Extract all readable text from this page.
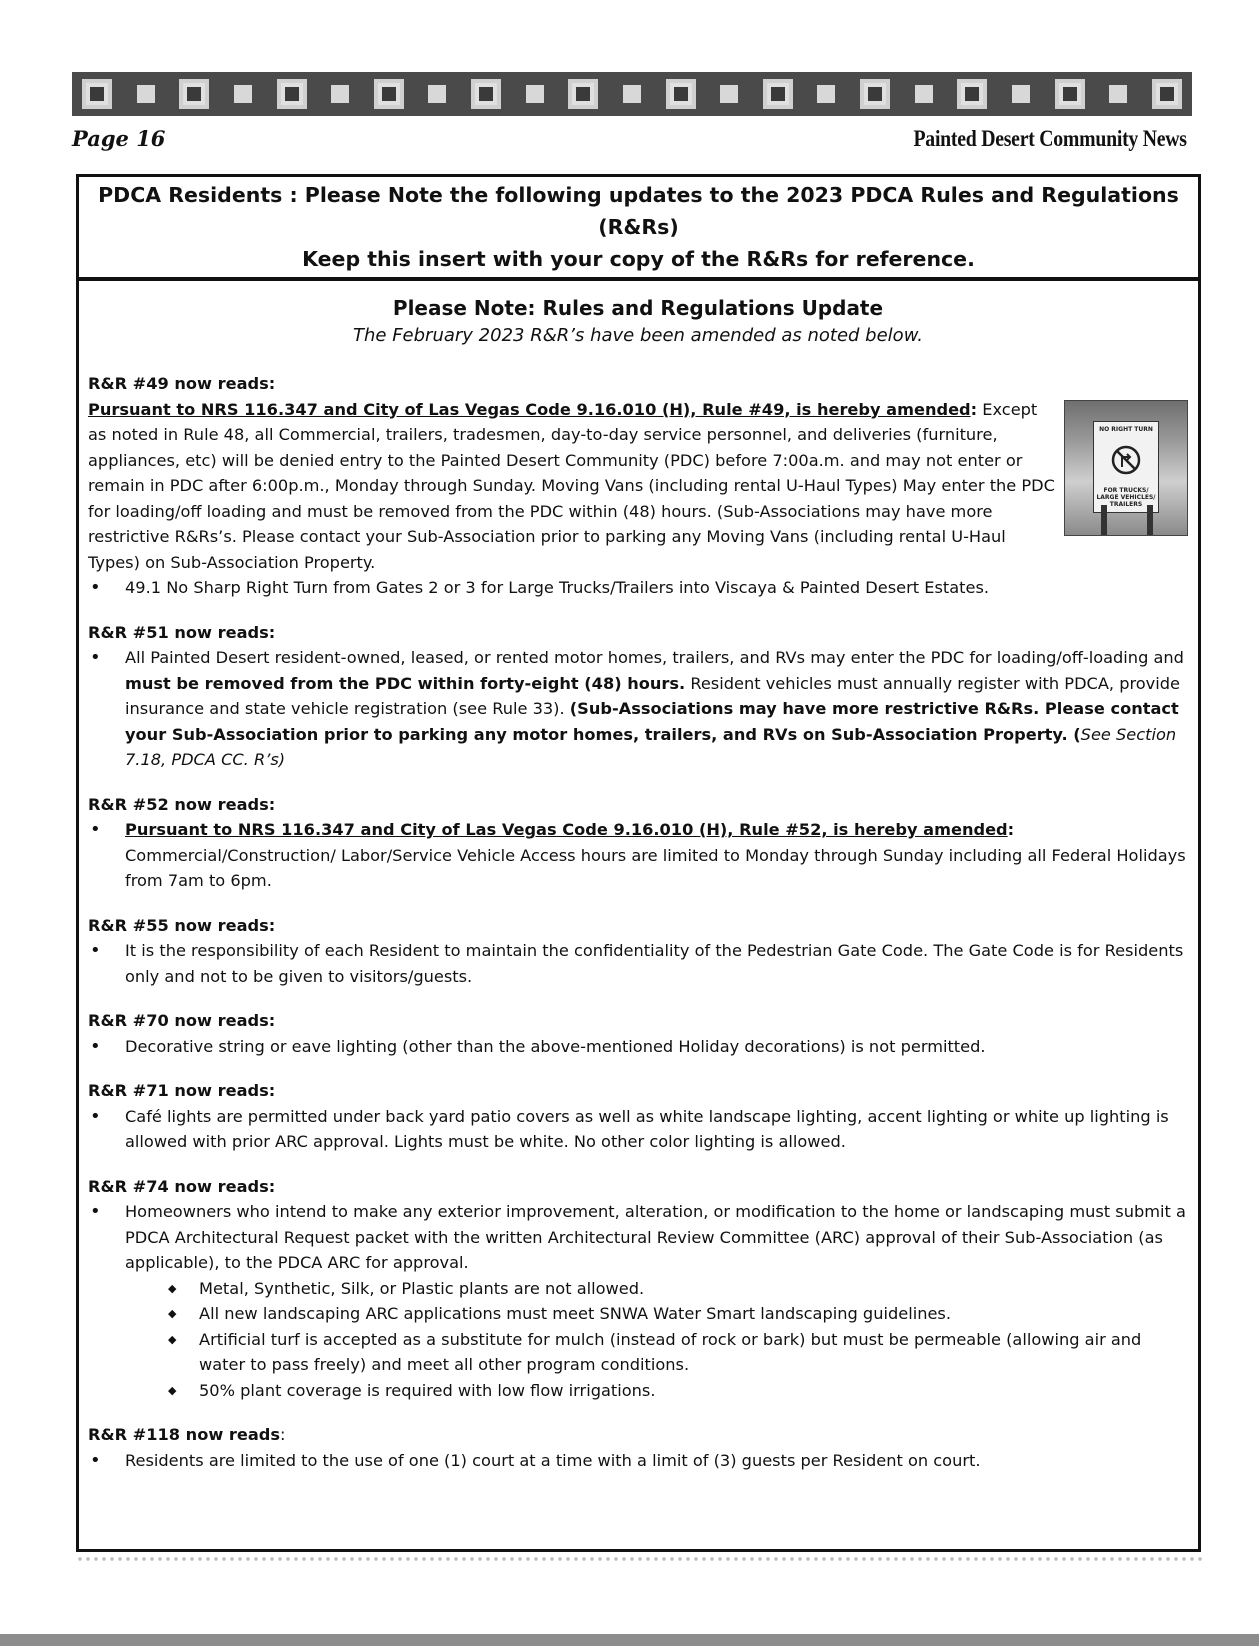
Page 16	Painted Desert Community News
PDCA Residents : Please Note the following updates to the 2023 PDCA Rules and Regulations (R&Rs)
Keep this insert with your copy of the R&Rs for reference.
Please Note: Rules and Regulations Update
The February 2023 R&R’s have been amended as noted below.
R&R #49 now reads:
Pursuant to NRS 116.347 and City of Las Vegas Code 9.16.010 (H), Rule #49, is hereby amended:
NO RIGHT TURN
FOR TRUCKS/ LARGE VEHICLES/ TRAILERS
Except as noted in Rule 48, all Commercial, trailers, tradesmen, day-to-day service personnel, and deliveries (furniture, appliances, etc) will be denied entry to the Painted Desert Community (PDC) before 7:00a.m. and may not enter or remain in PDC after 6:00p.m., Monday through Sunday. Moving Vans (including rental U-Haul Types) May enter the PDC for loading/off loading and must be removed from the PDC within (48) hours. (Sub-Associations may have more restrictive R&Rs’s. Please contact your Sub-Association prior to parking any Moving Vans (including rental U-Haul Types) on Sub-Association Property.
• 49.1 No Sharp Right Turn from Gates 2 or 3 for Large Trucks/Trailers into Viscaya & Painted Desert Estates.
R&R #51 now reads:
• All Painted Desert resident-owned, leased, or rented motor homes, trailers, and RVs may enter the PDC for loading/off-loading and must be removed from the PDC within forty-eight (48) hours. Resident vehicles must annually register with PDCA, provide insurance and state vehicle registration (see Rule 33). (Sub-Associations may have more restrictive R&Rs. Please contact your Sub-Association prior to parking any motor homes, trailers, and RVs on Sub-Association Property. (See Section 7.18, PDCA CC. R’s)
R&R #52 now reads:
• Pursuant to NRS 116.347 and City of Las Vegas Code 9.16.010 (H), Rule #52, is hereby amended: Commercial/Construction/ Labor/Service Vehicle Access hours are limited to Monday through Sunday including all Federal Holidays from 7am to 6pm.
R&R #55 now reads:
• It is the responsibility of each Resident to maintain the confidentiality of the Pedestrian Gate Code. The Gate Code is for Residents only and not to be given to visitors/guests.
R&R #70 now reads:
• Decorative string or eave lighting (other than the above-mentioned Holiday decorations) is not permitted.
R&R #71 now reads:
• Café lights are permitted under back yard patio covers as well as white landscape lighting, accent lighting or white up lighting is allowed with prior ARC approval. Lights must be white. No other color lighting is allowed.
R&R #74 now reads:
• Homeowners who intend to make any exterior improvement, alteration, or modification to the home or landscaping must submit a PDCA Architectural Request packet with the written Architectural Review Committee (ARC) approval of their Sub-Association (as applicable), to the PDCA ARC for approval.
◆ Metal, Synthetic, Silk, or Plastic plants are not allowed.
◆ All new landscaping ARC applications must meet SNWA Water Smart landscaping guidelines.
◆ Artificial turf is accepted as a substitute for mulch (instead of rock or bark) but must be permeable (allowing air and water to pass freely) and meet all other program conditions.
◆ 50% plant coverage is required with low flow irrigations.
R&R #118 now reads:
• Residents are limited to the use of one (1) court at a time with a limit of (3) guests per Resident on court.
